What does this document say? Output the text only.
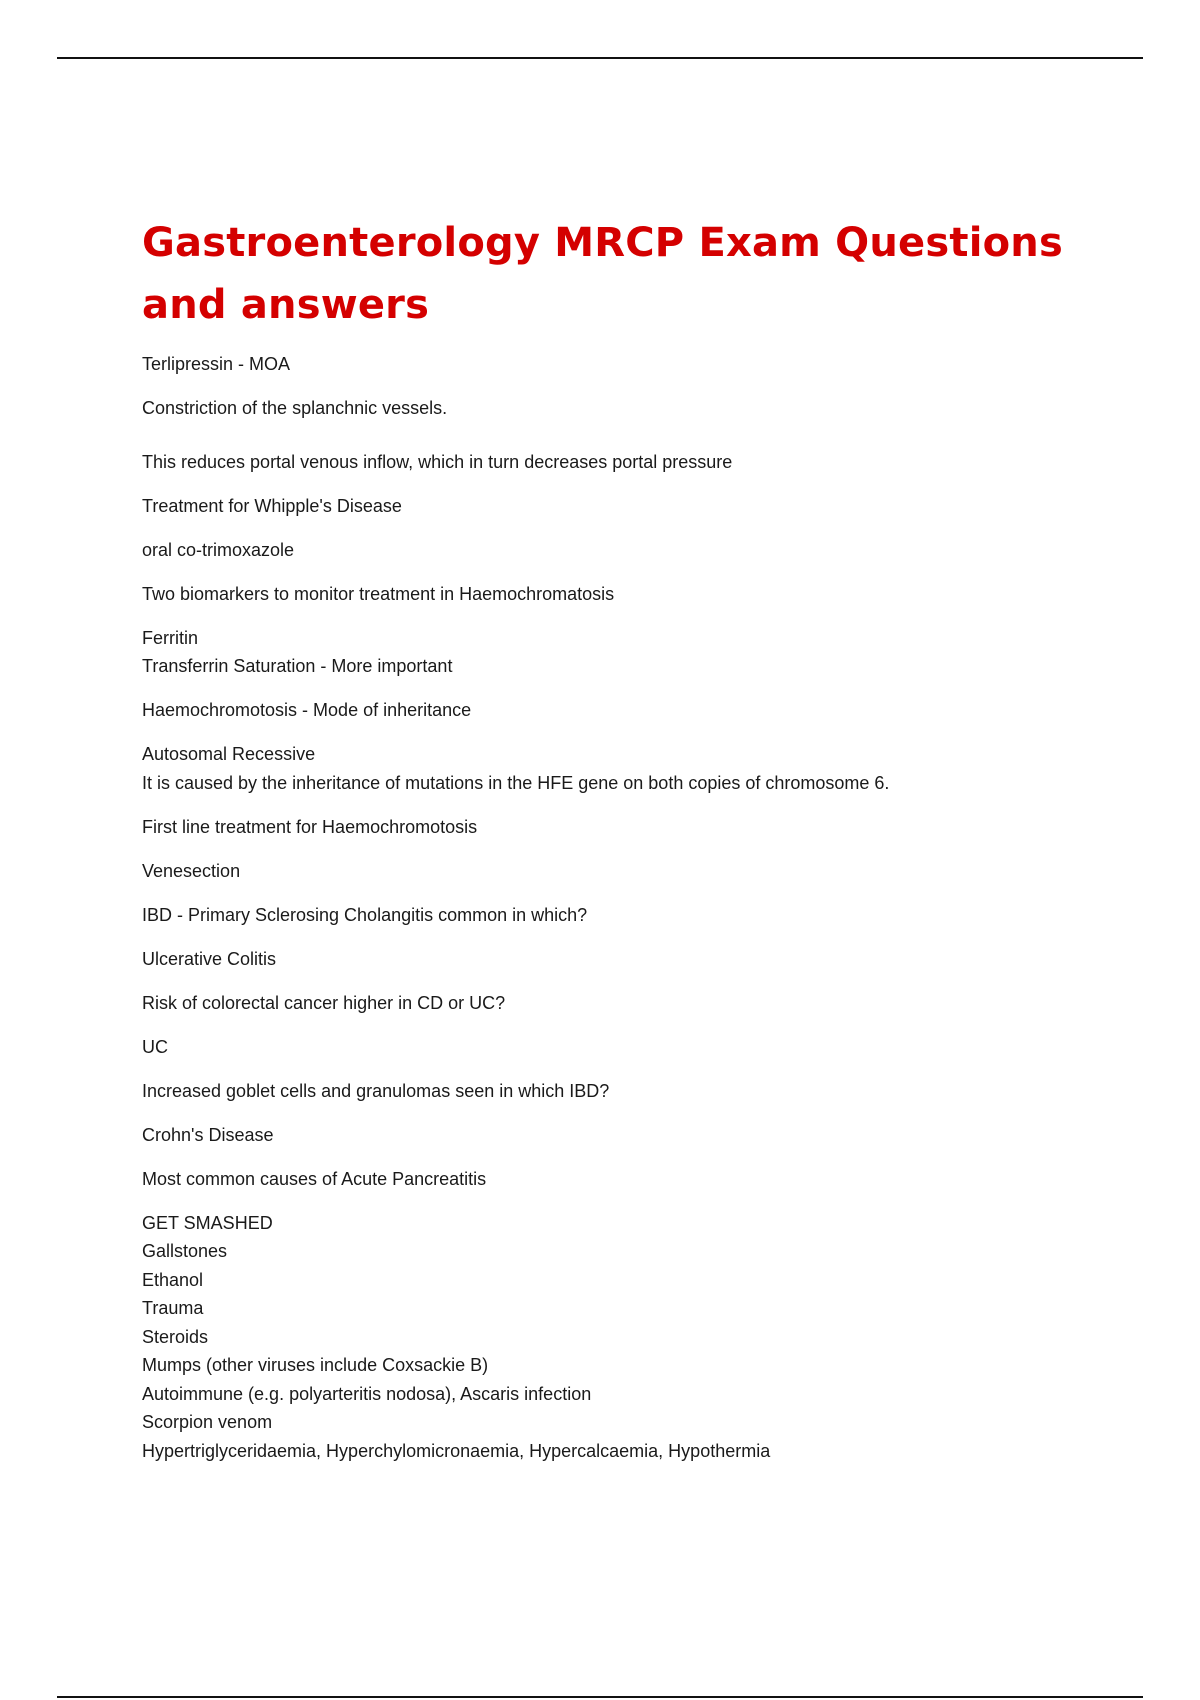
Gastroenterology MRCP Exam Questions and answers

Terlipressin - MOA

Constriction of the splanchnic vessels.

This reduces portal venous inflow, which in turn decreases portal pressure

Treatment for Whipple's Disease

oral co-trimoxazole

Two biomarkers to monitor treatment in Haemochromatosis

Ferritin
Transferrin Saturation - More important

Haemochromotosis - Mode of inheritance

Autosomal Recessive
It is caused by the inheritance of mutations in the HFE gene on both copies of chromosome 6.

First line treatment for Haemochromotosis

Venesection

IBD - Primary Sclerosing Cholangitis common in which?

Ulcerative Colitis

Risk of colorectal cancer higher in CD or UC?

UC

Increased goblet cells and granulomas seen in which IBD?

Crohn's Disease

Most common causes of Acute Pancreatitis

GET SMASHED
Gallstones
Ethanol
Trauma
Steroids
Mumps (other viruses include Coxsackie B)
Autoimmune (e.g. polyarteritis nodosa), Ascaris infection
Scorpion venom
Hypertriglyceridaemia, Hyperchylomicronaemia, Hypercalcaemia, Hypothermia
